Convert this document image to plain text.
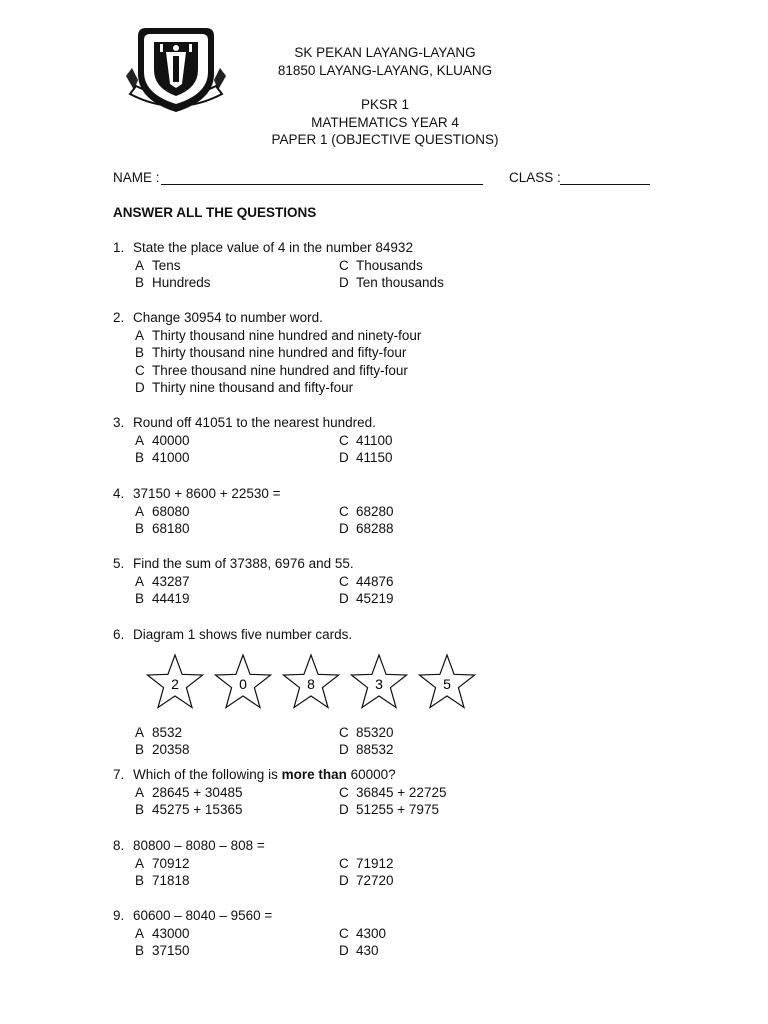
SK PEKAN LAYANG-LAYANG
81850 LAYANG-LAYANG, KLUANG
PKSR 1
MATHEMATICS YEAR 4
PAPER 1 (OBJECTIVE QUESTIONS)
NAME :	CLASS :
ANSWER ALL THE QUESTIONS
1. State the place value of 4 in the number 84932
A Tens	C Thousands
B Hundreds	D Ten thousands
2. Change 30954 to number word.
A Thirty thousand nine hundred and ninety-four
B Thirty thousand nine hundred and fifty-four
C Three thousand nine hundred and fifty-four
D Thirty nine thousand and fifty-four
3. Round off 41051 to the nearest hundred.
A 40000	C 41100
B 41000	D 41150
4. 37150 + 8600 + 22530 =
A 68080	C 68280
B 68180	D 68288
5. Find the sum of 37388, 6976 and 55.
A 43287	C 44876
B 44419	D 45219
6. Diagram 1 shows five number cards.
2	0	8	3	5
A 8532	C 85320
B 20358	D 88532
7. Which of the following is more than 60000?
A 28645 + 30485	C 36845 + 22725
B 45275 + 15365	D 51255 + 7975
8. 80800 – 8080 – 808 =
A 70912	C 71912
B 71818	D 72720
9. 60600 – 8040 – 9560 =
A 43000	C 4300
B 37150	D 430
